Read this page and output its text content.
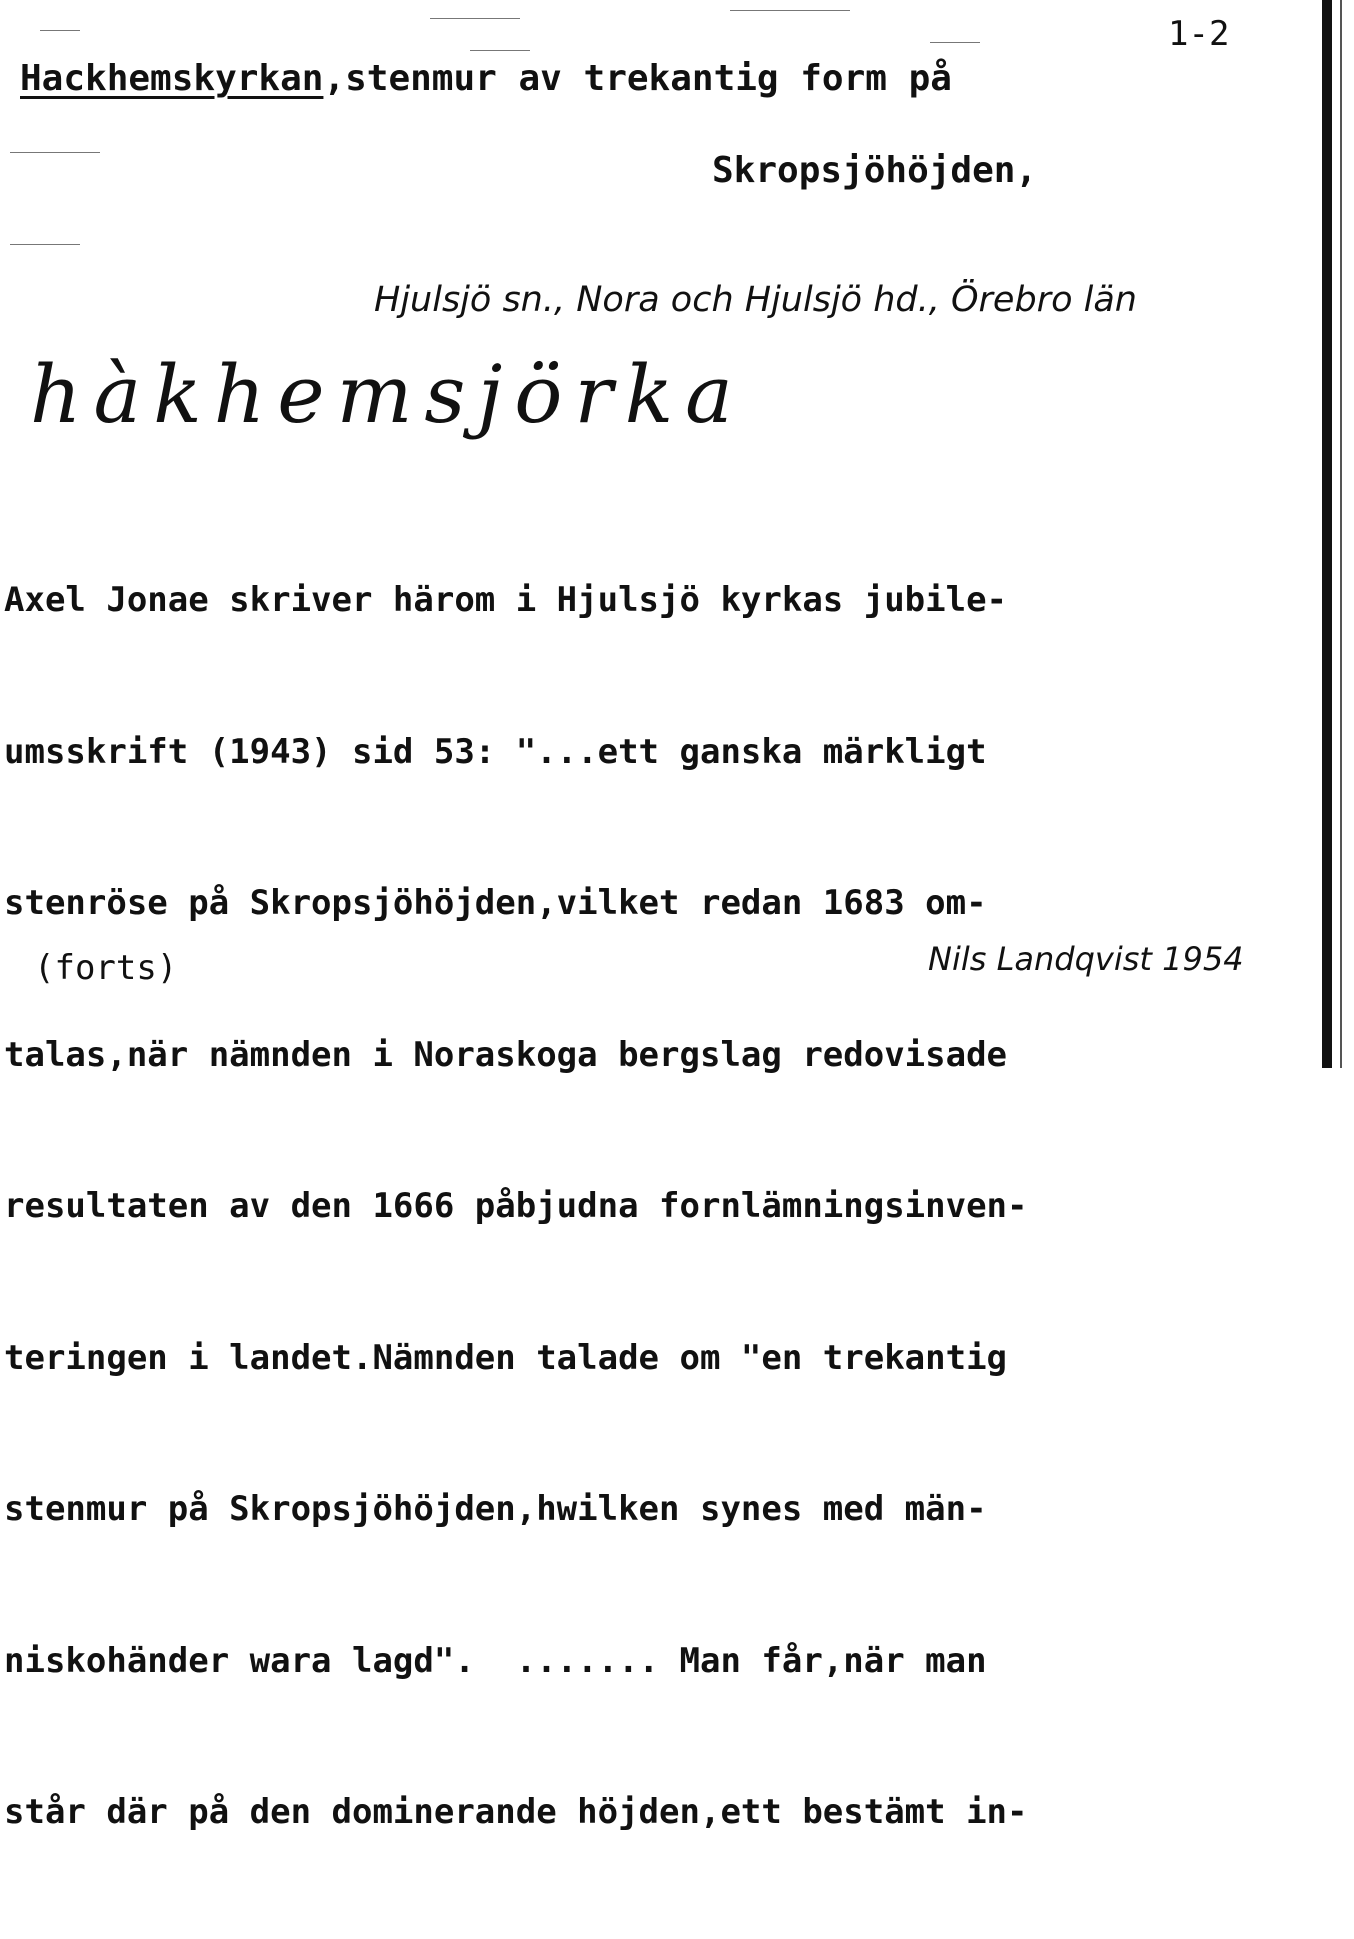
1-2

Hackhemskyrkan,stenmur av trekantig form på

Skropsjöhöjden,

Hjulsjö sn., Nora och Hjulsjö hd., Örebro län

hàkhemsjörka

Axel Jonae skriver härom i Hjulsjö kyrkas jubile-

umsskrift (1943) sid 53: "...ett ganska märkligt

stenröse på Skropsjöhöjden,vilket redan 1683 om-

talas,när nämnden i Noraskoga bergslag redovisade

resultaten av den 1666 påbjudna fornlämningsinven-

teringen i landet.Nämnden talade om "en trekantig

stenmur på Skropsjöhöjden,hwilken synes med män-

niskohänder wara lagd".  ....... Man får,när man

står där på den dominerande höjden,ett bestämt in-

(forts)	Nils Landqvist 1954
